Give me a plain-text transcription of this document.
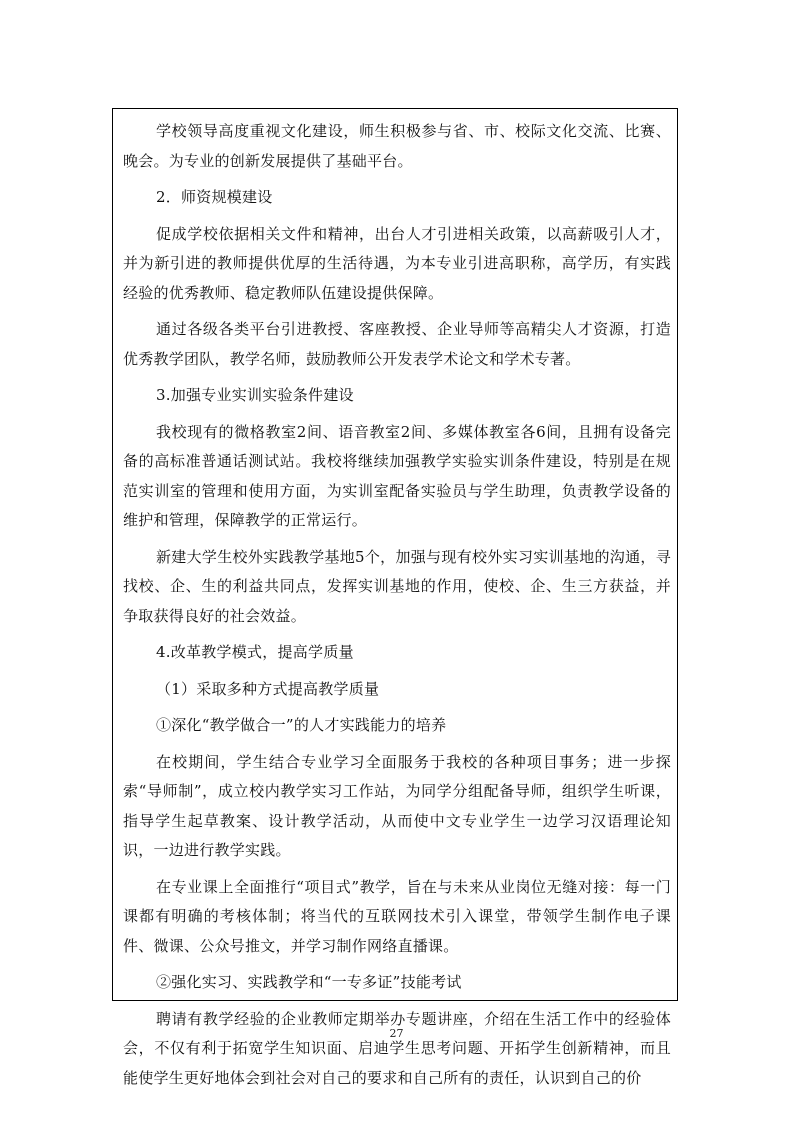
学校领导高度重视文化建设，师生积极参与省、市、校际文化交流、比赛、晚会。为专业的创新发展提供了基础平台。

2．师资规模建设

促成学校依据相关文件和精神，出台人才引进相关政策，以高薪吸引人才，并为新引进的教师提供优厚的生活待遇，为本专业引进高职称，高学历，有实践经验的优秀教师、稳定教师队伍建设提供保障。

通过各级各类平台引进教授、客座教授、企业导师等高精尖人才资源，打造优秀教学团队，教学名师，鼓励教师公开发表学术论文和学术专著。

3.加强专业实训实验条件建设

我校现有的微格教室2间、语音教室2间、多媒体教室各6间，且拥有设备完备的高标准普通话测试站。我校将继续加强教学实验实训条件建设，特别是在规范实训室的管理和使用方面，为实训室配备实验员与学生助理，负责教学设备的维护和管理，保障教学的正常运行。

新建大学生校外实践教学基地5个，加强与现有校外实习实训基地的沟通，寻找校、企、生的利益共同点，发挥实训基地的作用，使校、企、生三方获益，并争取获得良好的社会效益。

4.改革教学模式，提高学质量

（1）采取多种方式提高教学质量

①深化“教学做合一”的人才实践能力的培养

在校期间，学生结合专业学习全面服务于我校的各种项目事务；进一步探索“导师制”，成立校内教学实习工作站，为同学分组配备导师，组织学生听课，指导学生起草教案、设计教学活动，从而使中文专业学生一边学习汉语理论知识，一边进行教学实践。

在专业课上全面推行“项目式”教学，旨在与未来从业岗位无缝对接：每一门课都有明确的考核体制；将当代的互联网技术引入课堂，带领学生制作电子课件、微课、公众号推文，并学习制作网络直播课。

②强化实习、实践教学和“一专多证”技能考试

聘请有教学经验的企业教师定期举办专题讲座，介绍在生活工作中的经验体会，不仅有利于拓宽学生知识面、启迪学生思考问题、开拓学生创新精神，而且能使学生更好地体会到社会对自己的要求和自己所有的责任，认识到自己的价

27
